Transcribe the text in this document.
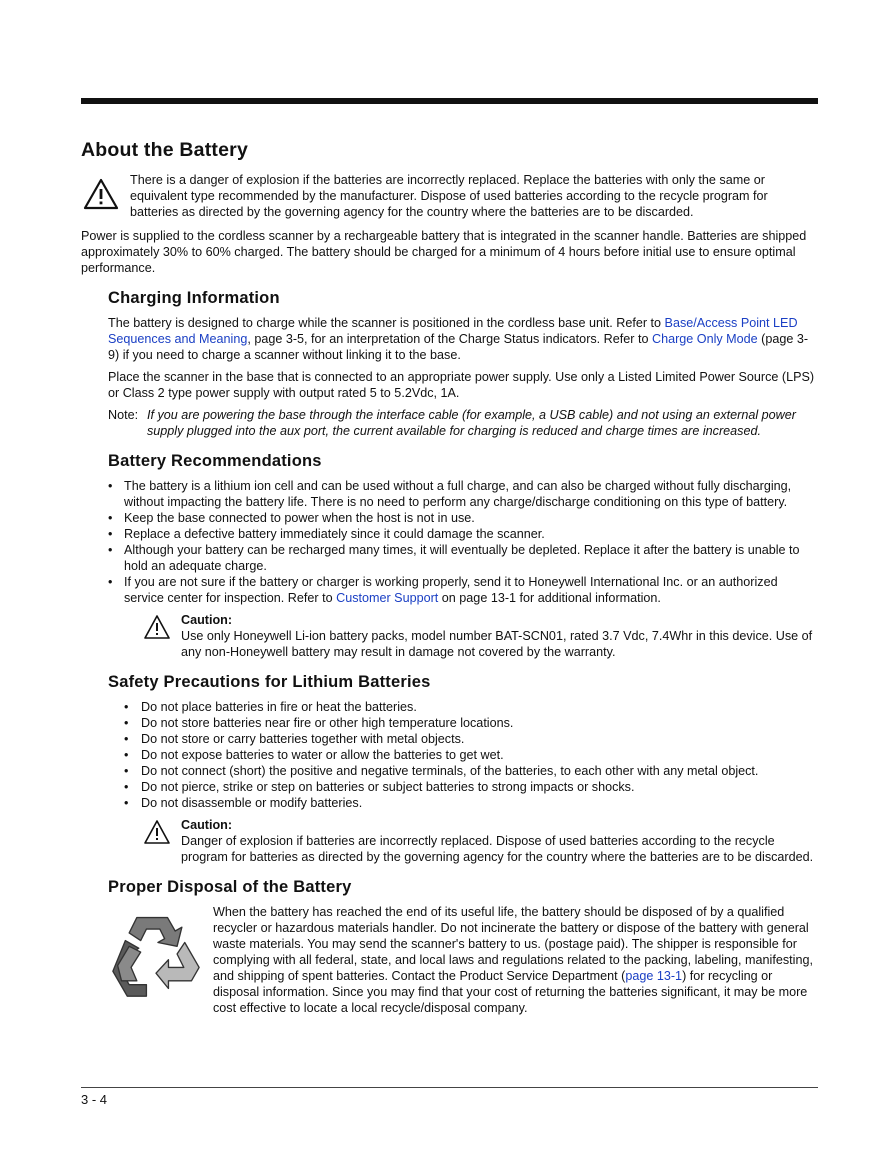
About the Battery

There is a danger of explosion if the batteries are incorrectly replaced. Replace the batteries with only the same or equivalent type recommended by the manufacturer. Dispose of used batteries according to the recycle program for batteries as directed by the governing agency for the country where the batteries are to be discarded.

Power is supplied to the cordless scanner by a rechargeable battery that is integrated in the scanner handle. Batteries are shipped approximately 30% to 60% charged. The battery should be charged for a minimum of 4 hours before initial use to ensure optimal performance.

Charging Information

The battery is designed to charge while the scanner is positioned in the cordless base unit. Refer to Base/Access Point LED Sequences and Meaning, page 3-5, for an interpretation of the Charge Status indicators. Refer to Charge Only Mode (page 3-9) if you need to charge a scanner without linking it to the base.

Place the scanner in the base that is connected to an appropriate power supply. Use only a Listed Limited Power Source (LPS) or Class 2 type power supply with output rated 5 to 5.2Vdc, 1A.

Note: If you are powering the base through the interface cable (for example, a USB cable) and not using an external power supply plugged into the aux port, the current available for charging is reduced and charge times are increased.
Battery Recommendations
• The battery is a lithium ion cell and can be used without a full charge, and can also be charged without fully discharging, without impacting the battery life. There is no need to perform any charge/discharge conditioning on this type of battery.
• Keep the base connected to power when the host is not in use.
• Replace a defective battery immediately since it could damage the scanner.
• Although your battery can be recharged many times, it will eventually be depleted. Replace it after the battery is unable to hold an adequate charge.
• If you are not sure if the battery or charger is working properly, send it to Honeywell International Inc. or an authorized service center for inspection. Refer to Customer Support on page 13-1 for additional information.
Caution:

Use only Honeywell Li-ion battery packs, model number BAT-SCN01, rated 3.7 Vdc, 7.4Whr in this device. Use of any non-Honeywell battery may result in damage not covered by the warranty.

Safety Precautions for Lithium Batteries
• Do not place batteries in fire or heat the batteries.
• Do not store batteries near fire or other high temperature locations.
• Do not store or carry batteries together with metal objects.
• Do not expose batteries to water or allow the batteries to get wet.
• Do not connect (short) the positive and negative terminals, of the batteries, to each other with any metal object.
• Do not pierce, strike or step on batteries or subject batteries to strong impacts or shocks.
• Do not disassemble or modify batteries.
Caution:

Danger of explosion if batteries are incorrectly replaced. Dispose of used batteries according to the recycle program for batteries as directed by the governing agency for the country where the batteries are to be discarded.

Proper Disposal of the Battery

When the battery has reached the end of its useful life, the battery should be disposed of by a qualified recycler or hazardous materials handler. Do not incinerate the battery or dispose of the battery with general waste materials. You may send the scanner's battery to us. (postage paid). The shipper is responsible for complying with all federal, state, and local laws and regulations related to the packing, labeling, manifesting, and shipping of spent batteries. Contact the Product Service Department (page 13-1) for recycling or disposal information. Since you may find that your cost of returning the batteries significant, it may be more cost effective to locate a local recycle/disposal company.

3 - 4
